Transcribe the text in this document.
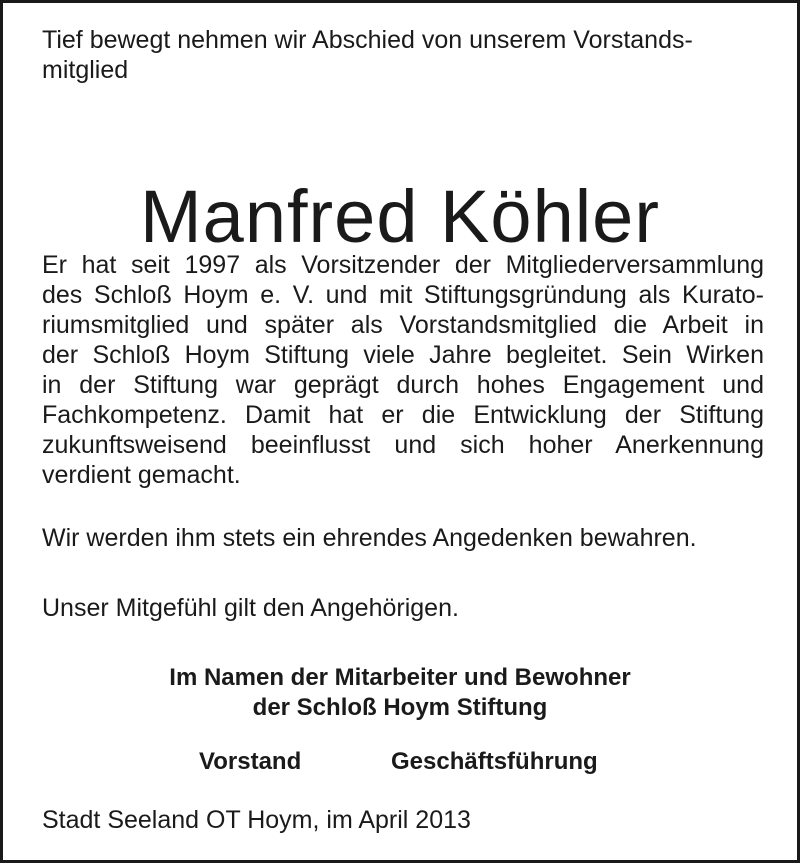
Tief bewegt nehmen wir Abschied von unserem Vorstands-
mitglied

Manfred Köhler

Er hat seit 1997 als Vorsitzender der Mitgliederversammlung
des Schloß Hoym e. V. und mit Stiftungsgründung als Kurato-
riumsmitglied und später als Vorstandsmitglied die Arbeit in
der Schloß Hoym Stiftung viele Jahre begleitet. Sein Wirken
in der Stiftung war geprägt durch hohes Engagement und
Fachkompetenz. Damit hat er die Entwicklung der Stiftung
zukunftsweisend beeinflusst und sich hoher Anerkennung
verdient gemacht.

Wir werden ihm stets ein ehrendes Angedenken bewahren.

Unser Mitgefühl gilt den Angehörigen.

Im Namen der Mitarbeiter und Bewohner
der Schloß Hoym Stiftung
Vorstand	Geschäftsführung

Stadt Seeland OT Hoym, im April 2013
